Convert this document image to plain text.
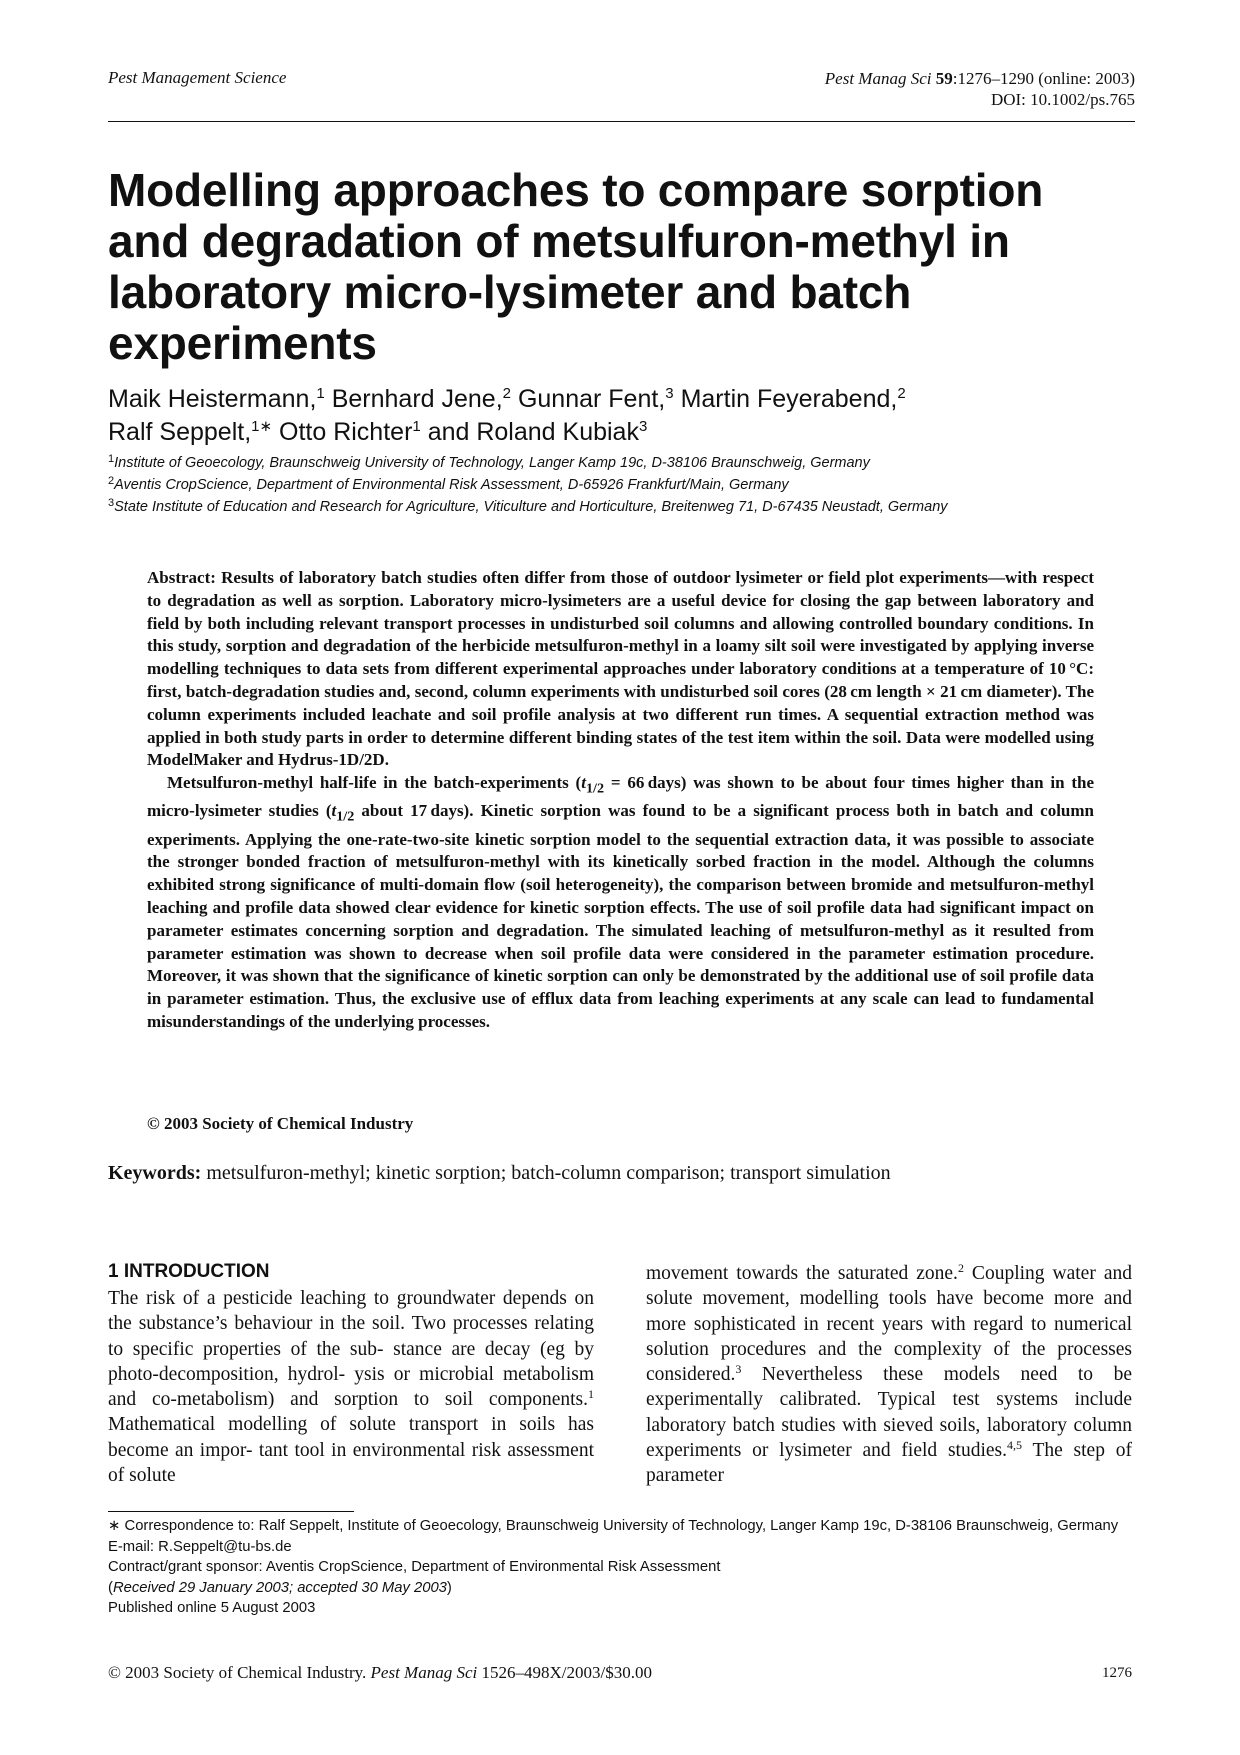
Pest Management Science	Pest Manag Sci 59:1276–1290 (online: 2003)
DOI: 10.1002/ps.765
Modelling approaches to compare sorption and degradation of metsulfuron-methyl in laboratory micro-lysimeter and batch experiments
Maik Heistermann,$^1$ Bernhard Jene,$^2$ Gunnar Fent,$^3$ Martin Feyerabend,$^2$
Ralf Seppelt,$^{1∗}$ Otto Richter$^1$ and Roland Kubiak$^3$
$^1$Institute of Geoecology, Braunschweig University of Technology, Langer Kamp 19c, D-38106 Braunschweig, Germany
$^2$Aventis CropScience, Department of Environmental Risk Assessment, D-65926 Frankfurt/Main, Germany
$^3$State Institute of Education and Research for Agriculture, Viticulture and Horticulture, Breitenweg 71, D-67435 Neustadt, Germany

Abstract: Results of laboratory batch studies often differ from those of outdoor lysimeter or field plot experiments—with respect to degradation as well as sorption. Laboratory micro-lysimeters are a useful device for closing the gap between laboratory and field by both including relevant transport processes in undisturbed soil columns and allowing controlled boundary conditions. In this study, sorption and degradation of the herbicide metsulfuron-methyl in a loamy silt soil were investigated by applying inverse modelling techniques to data sets from different experimental approaches under laboratory conditions at a temperature of 10 °C: first, batch-degradation studies and, second, column experiments with undisturbed soil cores (28 cm length × 21 cm diameter). The column experiments included leachate and soil profile analysis at two different run times. A sequential extraction method was applied in both study parts in order to determine different binding states of the test item within the soil. Data were modelled using ModelMaker and Hydrus-1D/2D.

Metsulfuron-methyl half-life in the batch-experiments ($t_{1/2} = 66$ days) was shown to be about four times higher than in the micro-lysimeter studies ($t_{1/2}$ about 17 days). Kinetic sorption was found to be a significant process both in batch and column experiments. Applying the one-rate-two-site kinetic sorption model to the sequential extraction data, it was possible to associate the stronger bonded fraction of metsulfuron-methyl with its kinetically sorbed fraction in the model. Although the columns exhibited strong significance of multi-domain flow (soil heterogeneity), the comparison between bromide and metsulfuron-methyl leaching and profile data showed clear evidence for kinetic sorption effects. The use of soil profile data had significant impact on parameter estimates concerning sorption and degradation. The simulated leaching of metsulfuron-methyl as it resulted from parameter estimation was shown to decrease when soil profile data were considered in the parameter estimation procedure. Moreover, it was shown that the significance of kinetic sorption can only be demonstrated by the additional use of soil profile data in parameter estimation. Thus, the exclusive use of efflux data from leaching experiments at any scale can lead to fundamental misunderstandings of the underlying processes.

© 2003 Society of Chemical Industry
Keywords: metsulfuron-methyl; kinetic sorption; batch-column comparison; transport simulation
1 INTRODUCTION
The risk of a pesticide leaching to groundwater depends on the substance’s behaviour in the soil. Two processes relating to specific properties of the sub- stance are decay (eg by photo-decomposition, hydrol- ysis or microbial metabolism and co-metabolism) and sorption to soil components.$^1$ Mathematical modelling of solute transport in soils has become an impor- tant tool in environmental risk assessment of solute
movement towards the saturated zone.$^2$ Coupling water and solute movement, modelling tools have become more and more sophisticated in recent years with regard to numerical solution procedures and the complexity of the processes considered.$^3$ Nevertheless these models need to be experimentally calibrated. Typical test systems include laboratory batch studies with sieved soils, laboratory column experiments or lysimeter and field studies.$^{4,5}$ The step of parameter

∗ Correspondence to: Ralf Seppelt, Institute of Geoecology, Braunschweig University of Technology, Langer Kamp 19c, D-38106 Braunschweig, Germany

E-mail: R.Seppelt@tu-bs.de

Contract/grant sponsor: Aventis CropScience, Department of Environmental Risk Assessment

(Received 29 January 2003; accepted 30 May 2003)

Published online 5 August 2003

© 2003 Society of Chemical Industry. Pest Manag Sci 1526–498X/2003/$30.00	1276
